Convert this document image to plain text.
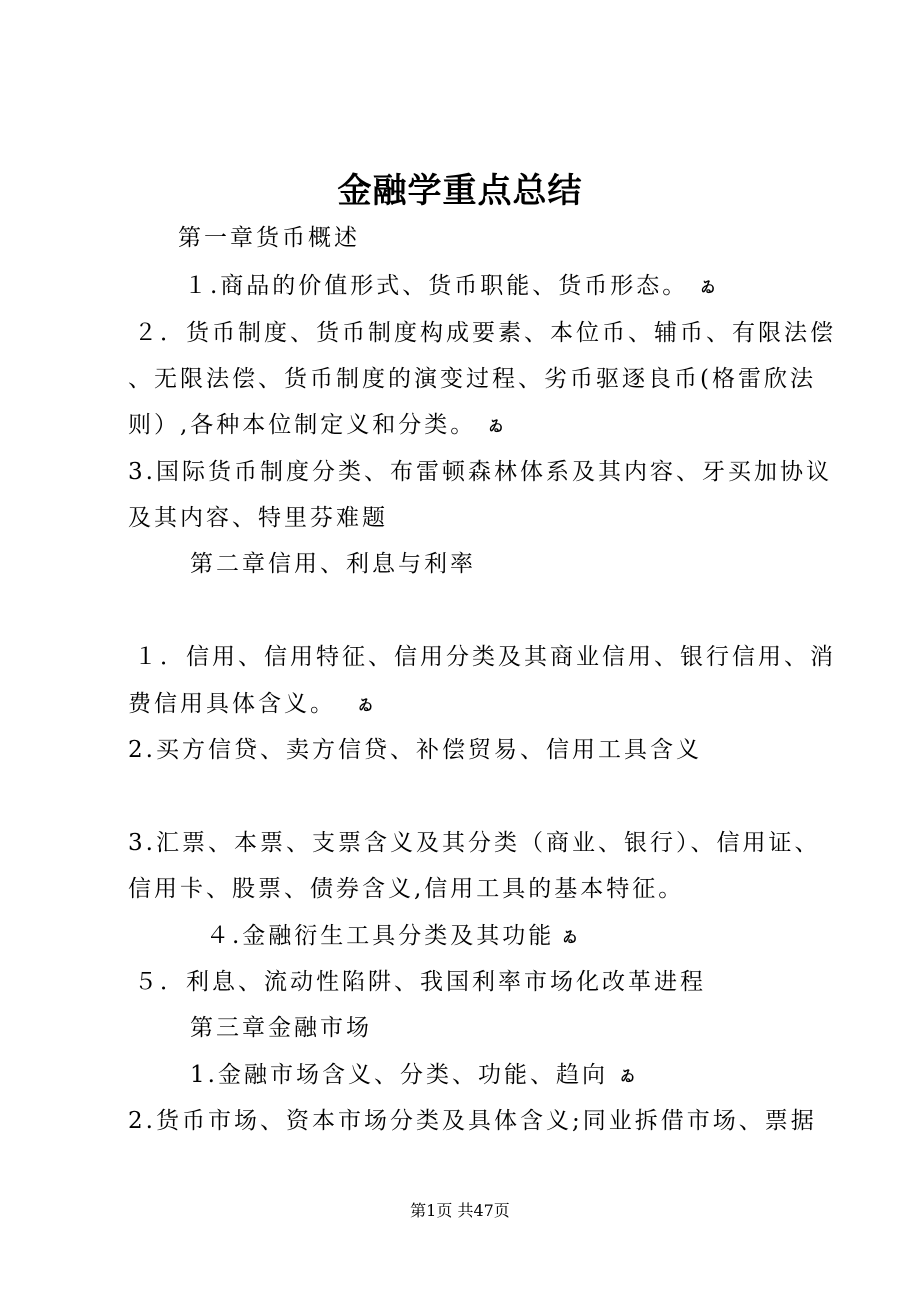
金融学重点总结

第一章货币概述

１.商品的价值形式、货币职能、货币形态。 ゐ

２．货币制度、货币制度构成要素、本位币、辅币、有限法偿

、无限法偿、货币制度的演变过程、劣币驱逐良币(格雷欣法

则）,各种本位制定义和分类。 ゐ

3.国际货币制度分类、布雷顿森林体系及其内容、牙买加协议

及其内容、特里芬难题

第二章信用、利息与利率

１．信用、信用特征、信用分类及其商业信用、银行信用、消

费信用具体含义。 ゐ

2.买方信贷、卖方信贷、补偿贸易、信用工具含义

3.汇票、本票、支票含义及其分类（商业、银行）、信用证、

信用卡、股票、债券含义,信用工具的基本特征。

４.金融衍生工具分类及其功能 ゐ

５．利息、流动性陷阱、我国利率市场化改革进程

第三章金融市场

1.金融市场含义、分类、功能、趋向 ゐ

2.货币市场、资本市场分类及具体含义;同业拆借市场、票据

第1页 共47页
